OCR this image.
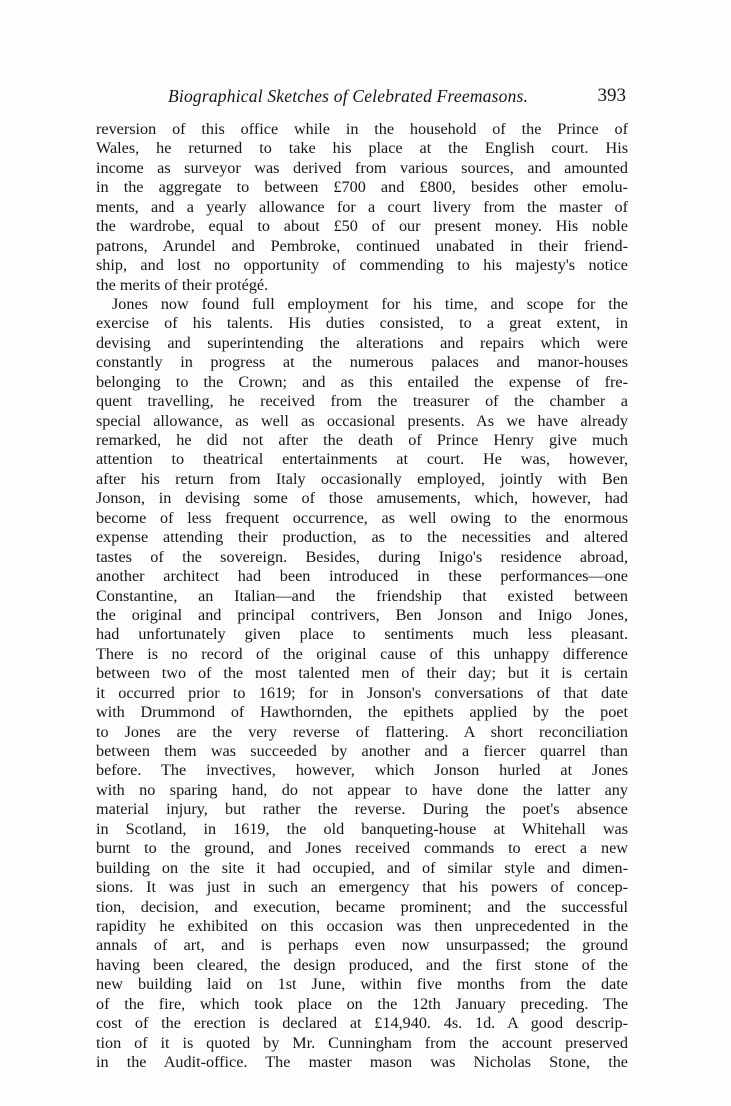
Biographical Sketches of Celebrated Freemasons.	393
reversion of this office while in the household of the Prince of
Wales, he returned to take his place at the English court. His
income as surveyor was derived from various sources, and amounted
in the aggregate to between £700 and £800, besides other emolu-
ments, and a yearly allowance for a court livery from the master of
the wardrobe, equal to about £50 of our present money. His noble
patrons, Arundel and Pembroke, continued unabated in their friend-
ship, and lost no opportunity of commending to his majesty's notice
the merits of their protégé.
Jones now found full employment for his time, and scope for the
exercise of his talents. His duties consisted, to a great extent, in
devising and superintending the alterations and repairs which were
constantly in progress at the numerous palaces and manor-houses
belonging to the Crown; and as this entailed the expense of fre-
quent travelling, he received from the treasurer of the chamber a
special allowance, as well as occasional presents. As we have already
remarked, he did not after the death of Prince Henry give much
attention to theatrical entertainments at court. He was, however,
after his return from Italy occasionally employed, jointly with Ben
Jonson, in devising some of those amusements, which, however, had
become of less frequent occurrence, as well owing to the enormous
expense attending their production, as to the necessities and altered
tastes of the sovereign. Besides, during Inigo's residence abroad,
another architect had been introduced in these performances—one
Constantine, an Italian—and the friendship that existed between
the original and principal contrivers, Ben Jonson and Inigo Jones,
had unfortunately given place to sentiments much less pleasant.
There is no record of the original cause of this unhappy difference
between two of the most talented men of their day; but it is certain
it occurred prior to 1619; for in Jonson's conversations of that date
with Drummond of Hawthornden, the epithets applied by the poet
to Jones are the very reverse of flattering. A short reconciliation
between them was succeeded by another and a fiercer quarrel than
before. The invectives, however, which Jonson hurled at Jones
with no sparing hand, do not appear to have done the latter any
material injury, but rather the reverse. During the poet's absence
in Scotland, in 1619, the old banqueting-house at Whitehall was
burnt to the ground, and Jones received commands to erect a new
building on the site it had occupied, and of similar style and dimen-
sions. It was just in such an emergency that his powers of concep-
tion, decision, and execution, became prominent; and the successful
rapidity he exhibited on this occasion was then unprecedented in the
annals of art, and is perhaps even now unsurpassed; the ground
having been cleared, the design produced, and the first stone of the
new building laid on 1st June, within five months from the date
of the fire, which took place on the 12th January preceding. The
cost of the erection is declared at £14,940. 4s. 1d. A good descrip-
tion of it is quoted by Mr. Cunningham from the account preserved
in the Audit-office. The master mason was Nicholas Stone, the
